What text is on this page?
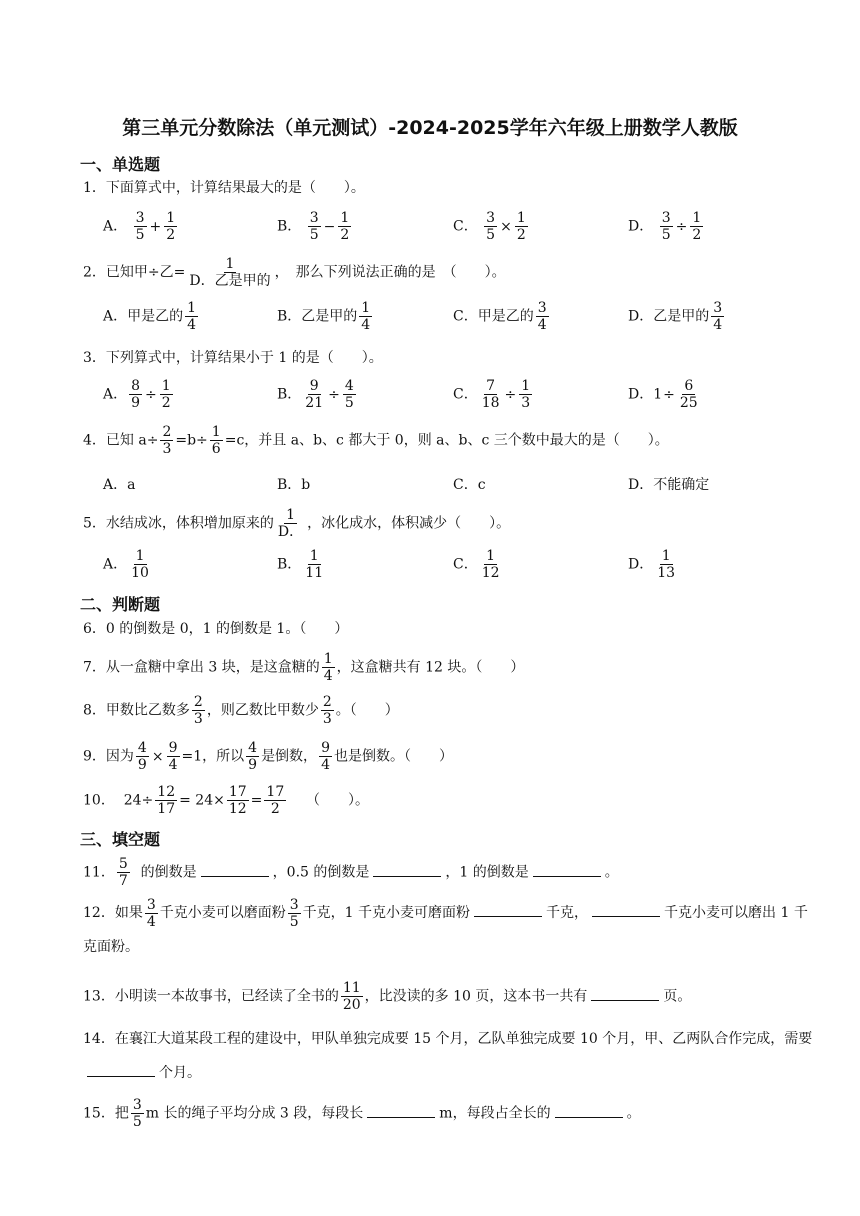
第三单元分数除法（单元测试）-2024-2025学年六年级上册数学人教版
一、单选题
1．下面算式中，计算结果最大的是（　　）。
A． $\frac{3}{5} + \frac{1}{2}$	B． $\frac{3}{5} - \frac{1}{2}$	C． $\frac{3}{5} \times \frac{1}{2}$	D． $\frac{3}{5} \div \frac{1}{2}$
2．已知甲÷乙= $\frac{1}{\text{D．乙是甲的}}$ ，　那么下列说法正确的是　（　　）。
A．甲是乙的 $\frac{1}{4}$	B．乙是甲的 $\frac{1}{4}$	C．甲是乙的 $\frac{3}{4}$	D．乙是甲的 $\frac{3}{4}$
3．下列算式中，计算结果小于 1 的是（　　）。
A． $\frac{8}{9} \div \frac{1}{2}$	B． $\frac{9}{21} \div \frac{4}{5}$	C． $\frac{7}{18} \div \frac{1}{3}$	D．$1\div \frac{6}{25}$
4．已知 $a\div \frac{2}{3} =b\div \frac{1}{6} =c$，并且 a、b、c 都大于 0，则 a、b、c 三个数中最大的是（　　）。
A．a	B．b	C．c	D．不能确定
5．水结成冰，体积增加原来的 $\frac{1}{D.}$ ，冰化成水，体积减少（　　）。
A． $\frac{1}{10}$	B． $\frac{1}{11}$	C． $\frac{1}{12}$	D． $\frac{1}{13}$
二、判断题
6．0 的倒数是 0，1 的倒数是 1。（　　）
7．从一盒糖中拿出 3 块，是这盒糖的 $\frac{1}{4}$ ，这盒糖共有 12 块。（　　）
8．甲数比乙数多 $\frac{2}{3}$ ，则乙数比甲数少 $\frac{2}{3}$ 。（　　）
9．因为 $\frac{4}{9} \times \frac{9}{4} =1$，所以 $\frac{4}{9}$ 是倒数， $\frac{9}{4}$ 也是倒数。（　　）
10． $24\div \frac{12}{17} = 24\times \frac{17}{12} = \frac{17}{2}$ （　　）。
三、填空题
11． $\frac{5}{7}$ 的倒数是	，0.5 的倒数是	，1 的倒数是	。
12．如果 $\frac{3}{4}$ 千克小麦可以磨面粉 $\frac{3}{5}$ 千克，1 千克小麦可磨面粉	千克，	千克小麦可以磨出 1 千克面粉。
13．小明读一本故事书，已经读了全书的 $\frac{11}{20}$ ，比没读的多 10 页，这本书一共有	页。
14．在襄江大道某段工程的建设中，甲队单独完成要 15 个月，乙队单独完成要 10 个月，甲、乙两队合作完成，需要个月。
15．把 $\frac{3}{5}$ m 长的绳子平均分成 3 段，每段长	m，每段占全长的	。
